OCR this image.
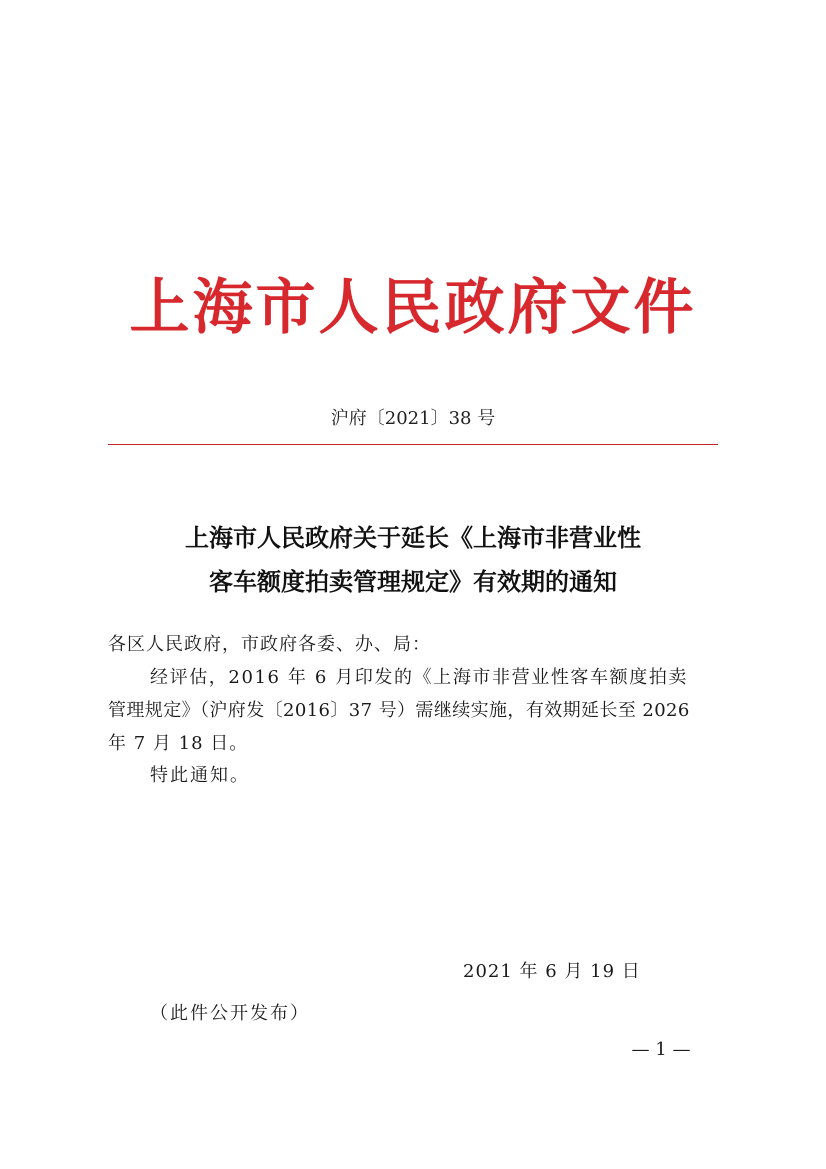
上海市人民政府文件
沪府〔2021〕38 号
上海市人民政府关于延长《上海市非营业性
客车额度拍卖管理规定》有效期的通知
各区人民政府，市政府各委、办、局：
经评估，2016 年 6 月印发的《上海市非营业性客车额度拍卖
管理规定》（沪府发〔2016〕37 号）需继续实施，有效期延长至 2026
年 7 月 18 日。
特此通知。
2021 年 6 月 19 日
（此件公开发布）
— 1 —
